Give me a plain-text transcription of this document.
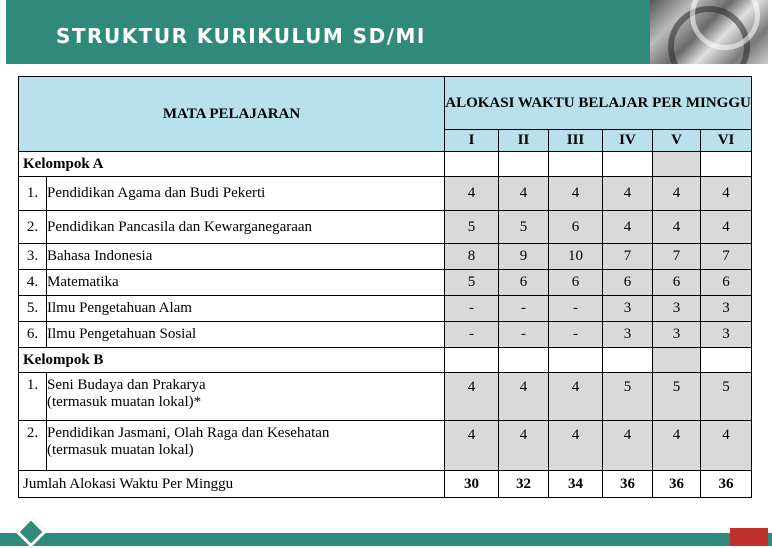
STRUKTUR KURIKULUM SD/MI
MATA PELAJARAN		ALOKASI WAKTU BELAJAR PER MINGGU					
		I	II	III	IV	V	VI
Kelompok A							
1.	Pendidikan Agama dan Budi Pekerti	4	4	4	4	4	4
2.	Pendidikan Pancasila dan Kewarganegaraan	5	5	6	4	4	4
3.	Bahasa Indonesia	8	9	10	7	7	7
4.	Matematika	5	6	6	6	6	6
5.	Ilmu Pengetahuan Alam	-	-	-	3	3	3
6.	Ilmu Pengetahuan Sosial	-	-	-	3	3	3
Kelompok B							
1.	Seni Budaya dan Prakarya
(termasuk muatan lokal)*	4	4	4	5	5	5
2.	Pendidikan Jasmani, Olah Raga dan Kesehatan
(termasuk muatan lokal)	4	4	4	4	4	4
Jumlah Alokasi Waktu Per Minggu		30	32	34	36	36	36
